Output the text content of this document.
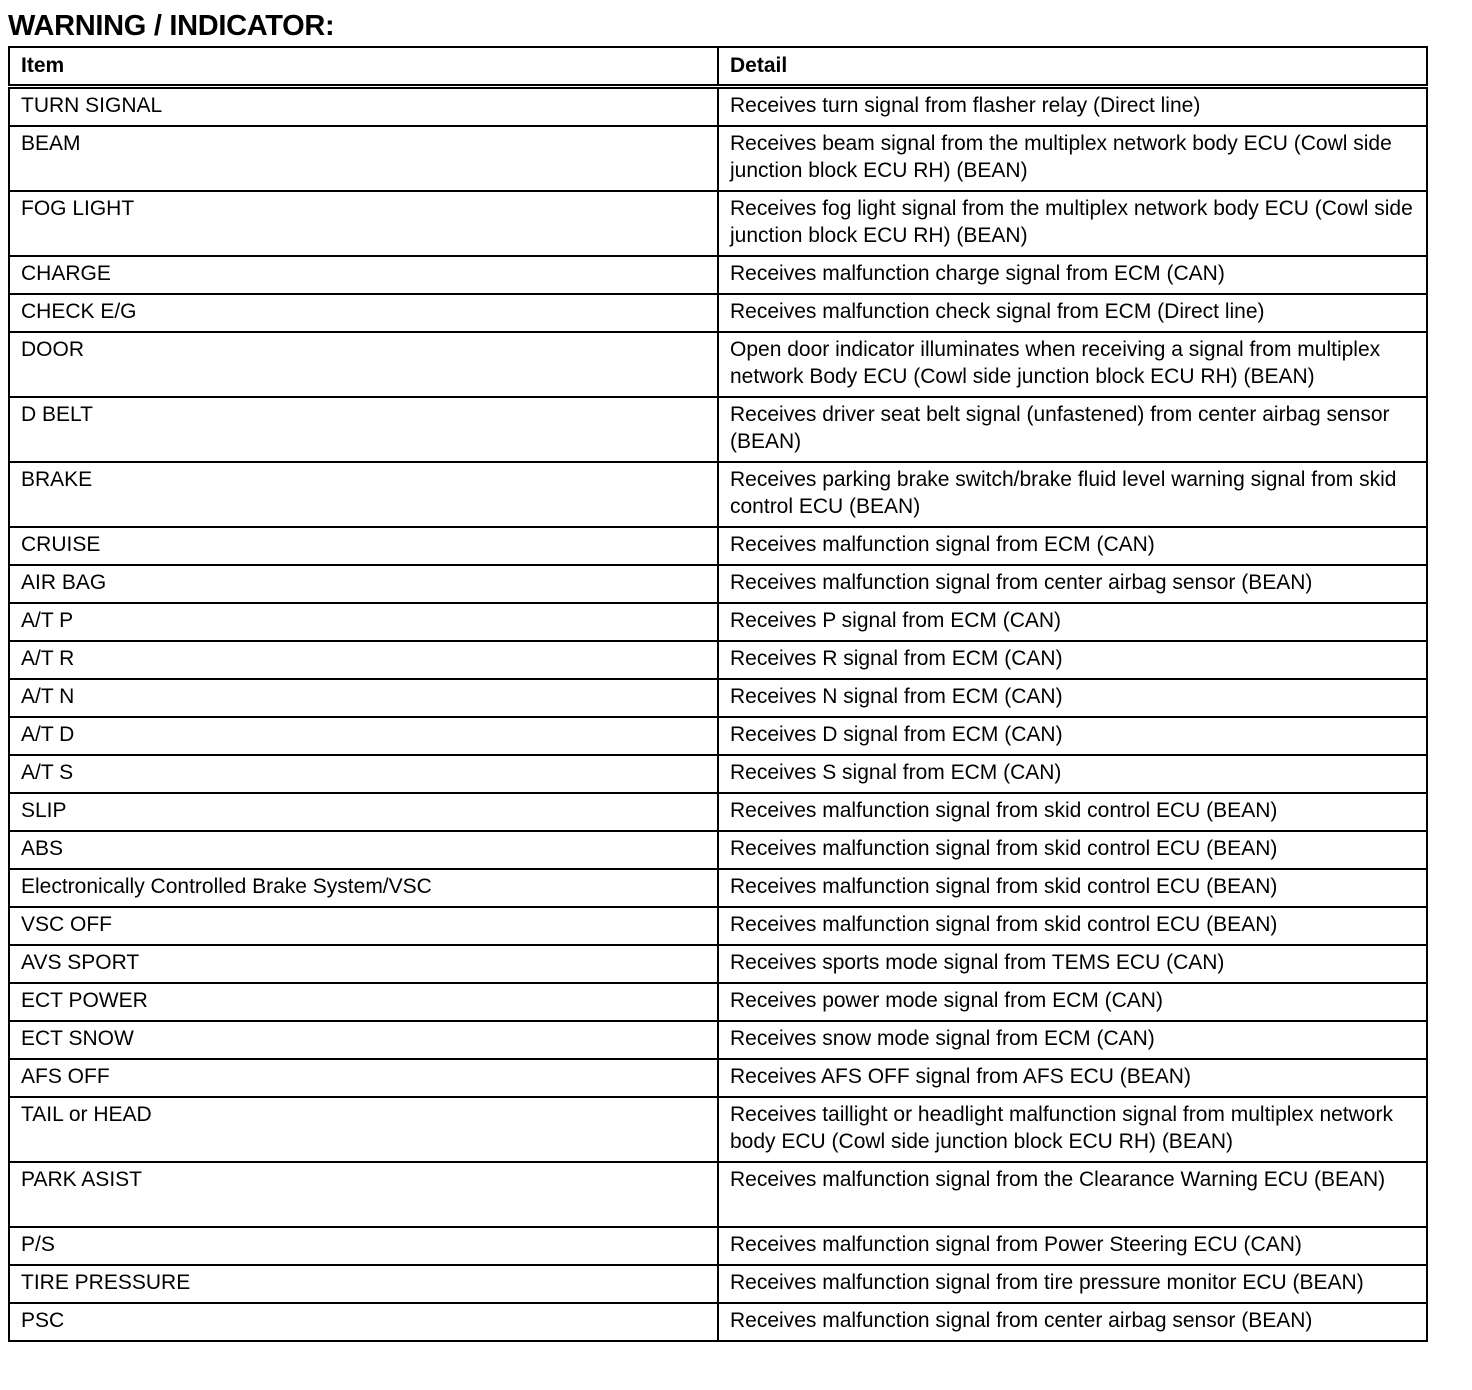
WARNING / INDICATOR:
Item	Detail
TURN SIGNAL	Receives turn signal from flasher relay (Direct line)
BEAM	Receives beam signal from the multiplex network body ECU (Cowl side junction block ECU RH) (BEAN)
FOG LIGHT	Receives fog light signal from the multiplex network body ECU (Cowl side junction block ECU RH) (BEAN)
CHARGE	Receives malfunction charge signal from ECM (CAN)
CHECK E/G	Receives malfunction check signal from ECM (Direct line)
DOOR	Open door indicator illuminates when receiving a signal from multiplex network Body ECU (Cowl side junction block ECU RH) (BEAN)
D BELT	Receives driver seat belt signal (unfastened) from center airbag sensor (BEAN)
BRAKE	Receives parking brake switch/brake fluid level warning signal from skid control ECU (BEAN)
CRUISE	Receives malfunction signal from ECM (CAN)
AIR BAG	Receives malfunction signal from center airbag sensor (BEAN)
A/T P	Receives P signal from ECM (CAN)
A/T R	Receives R signal from ECM (CAN)
A/T N	Receives N signal from ECM (CAN)
A/T D	Receives D signal from ECM (CAN)
A/T S	Receives S signal from ECM (CAN)
SLIP	Receives malfunction signal from skid control ECU (BEAN)
ABS	Receives malfunction signal from skid control ECU (BEAN)
Electronically Controlled Brake System/VSC	Receives malfunction signal from skid control ECU (BEAN)
VSC OFF	Receives malfunction signal from skid control ECU (BEAN)
AVS SPORT	Receives sports mode signal from TEMS ECU (CAN)
ECT POWER	Receives power mode signal from ECM (CAN)
ECT SNOW	Receives snow mode signal from ECM (CAN)
AFS OFF	Receives AFS OFF signal from AFS ECU (BEAN)
TAIL or HEAD	Receives taillight or headlight malfunction signal from multiplex network body ECU (Cowl side junction block ECU RH) (BEAN)
PARK ASIST	Receives malfunction signal from the Clearance Warning ECU (BEAN)
P/S	Receives malfunction signal from Power Steering ECU (CAN)
TIRE PRESSURE	Receives malfunction signal from tire pressure monitor ECU (BEAN)
PSC	Receives malfunction signal from center airbag sensor (BEAN)
